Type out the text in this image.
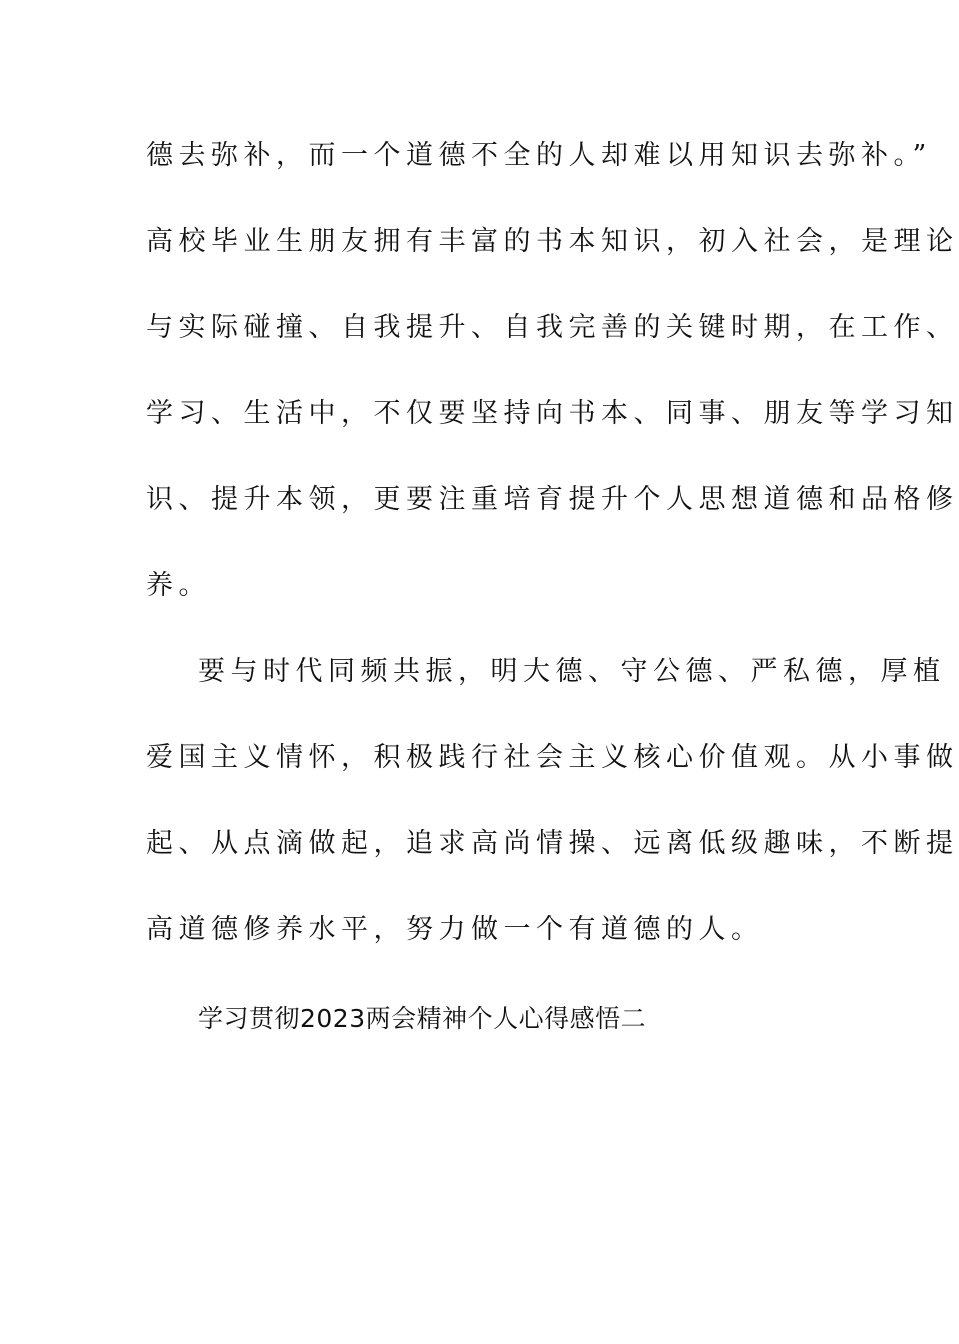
德去弥补，而一个道德不全的人却难以用知识去弥补。”
高校毕业生朋友拥有丰富的书本知识，初入社会，是理论
与实际碰撞、自我提升、自我完善的关键时期，在工作、
学习、生活中，不仅要坚持向书本、同事、朋友等学习知
识、提升本领，更要注重培育提升个人思想道德和品格修
养。
要与时代同频共振，明大德、守公德、严私德，厚植
爱国主义情怀，积极践行社会主义核心价值观。从小事做
起、从点滴做起，追求高尚情操、远离低级趣味，不断提
高道德修养水平，努力做一个有道德的人。
学习贯彻2023两会精神个人心得感悟二
